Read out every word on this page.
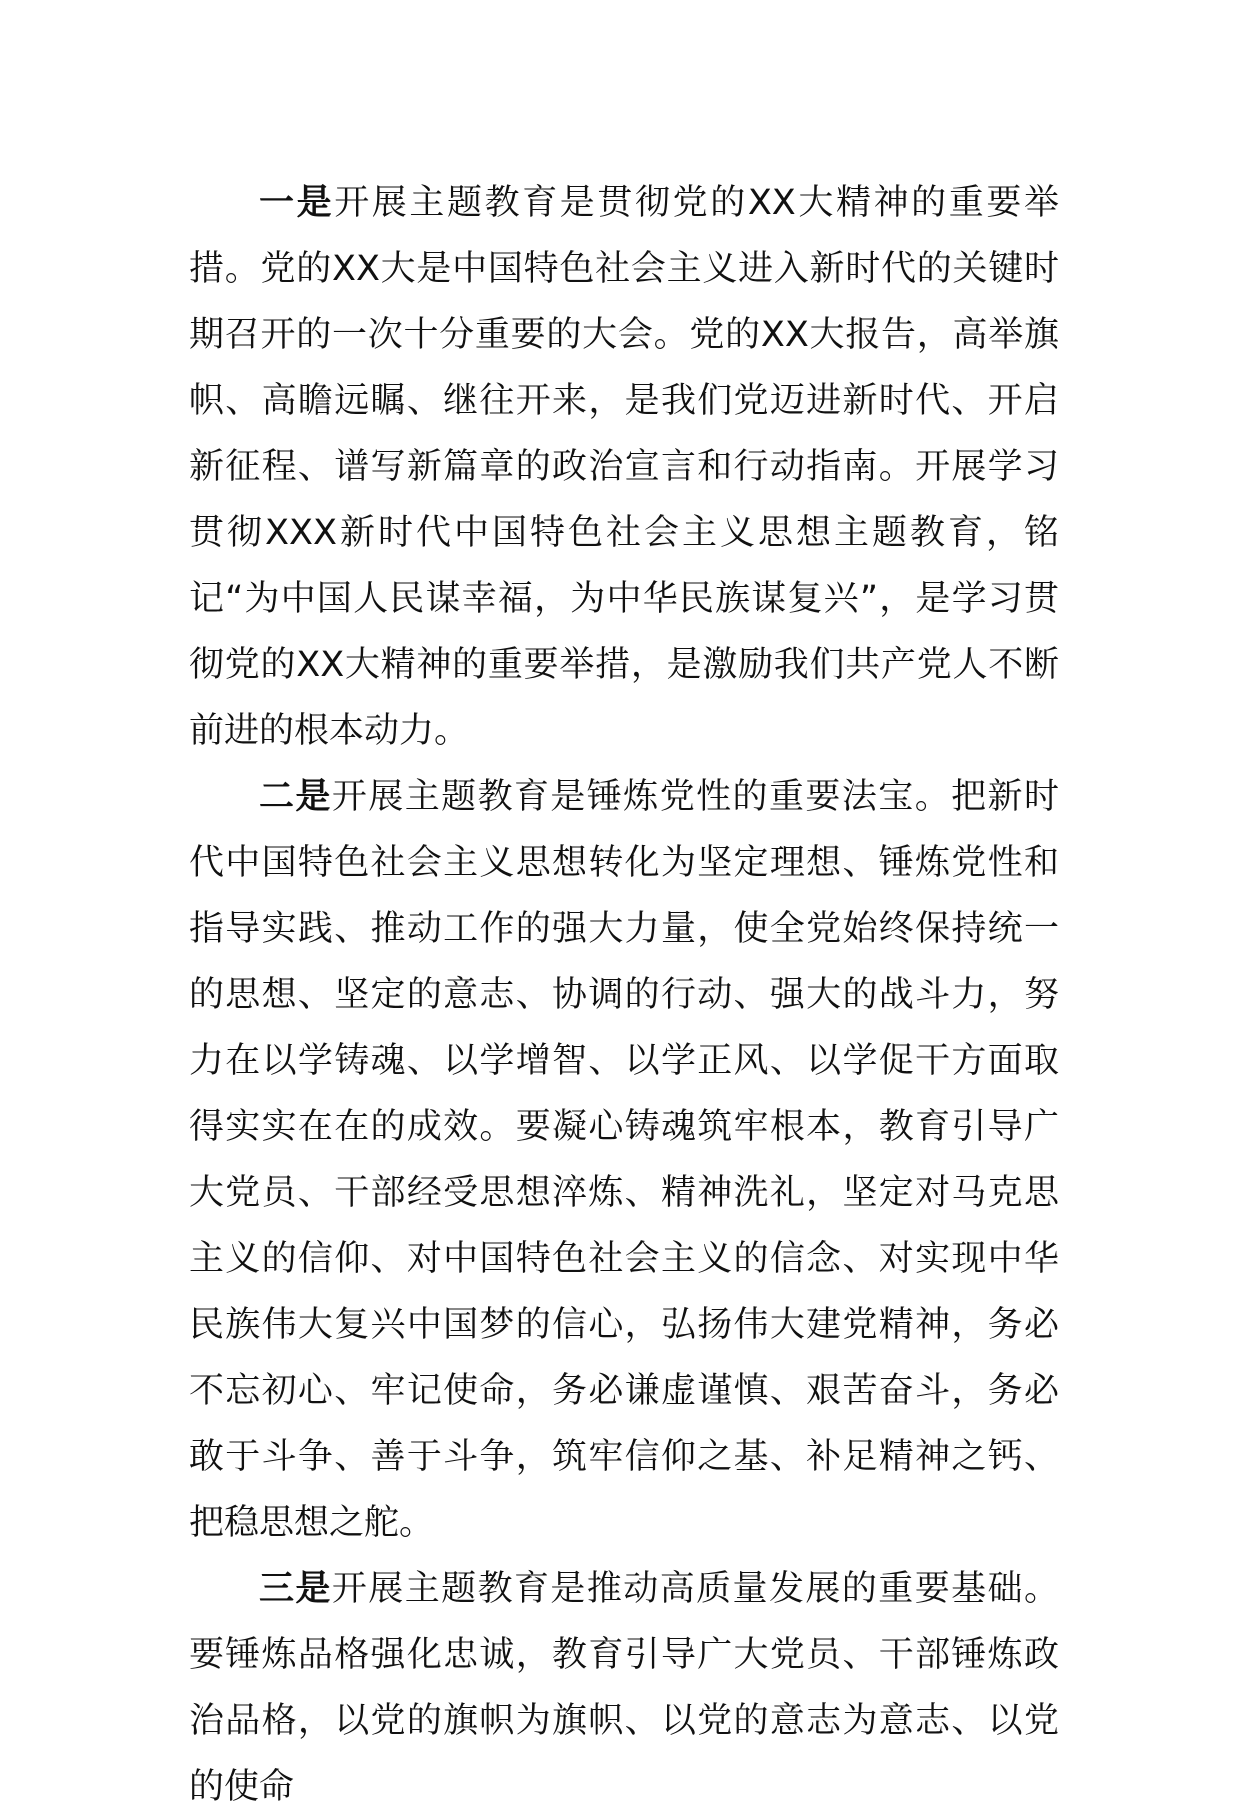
一是开展主题教育是贯彻党的XX大精神的重要举措。党的XX大是中国特色社会主义进入新时代的关键时期召开的一次十分重要的大会。党的XX大报告，高举旗帜、高瞻远瞩、继往开来，是我们党迈进新时代、开启新征程、谱写新篇章的政治宣言和行动指南。开展学习贯彻XXX新时代中国特色社会主义思想主题教育，铭记“为中国人民谋幸福，为中华民族谋复兴”，是学习贯彻党的XX大精神的重要举措，是激励我们共产党人不断前进的根本动力。

二是开展主题教育是锤炼党性的重要法宝。把新时代中国特色社会主义思想转化为坚定理想、锤炼党性和指导实践、推动工作的强大力量，使全党始终保持统一的思想、坚定的意志、协调的行动、强大的战斗力，努力在以学铸魂、以学增智、以学正风、以学促干方面取得实实在在的成效。要凝心铸魂筑牢根本，教育引导广大党员、干部经受思想淬炼、精神洗礼，坚定对马克思主义的信仰、对中国特色社会主义的信念、对实现中华民族伟大复兴中国梦的信心，弘扬伟大建党精神，务必不忘初心、牢记使命，务必谦虚谨慎、艰苦奋斗，务必敢于斗争、善于斗争，筑牢信仰之基、补足精神之钙、把稳思想之舵。

三是开展主题教育是推动高质量发展的重要基础。要锤炼品格强化忠诚，教育引导广大党员、干部锤炼政治品格，以党的旗帜为旗帜、以党的意志为意志、以党的使命
